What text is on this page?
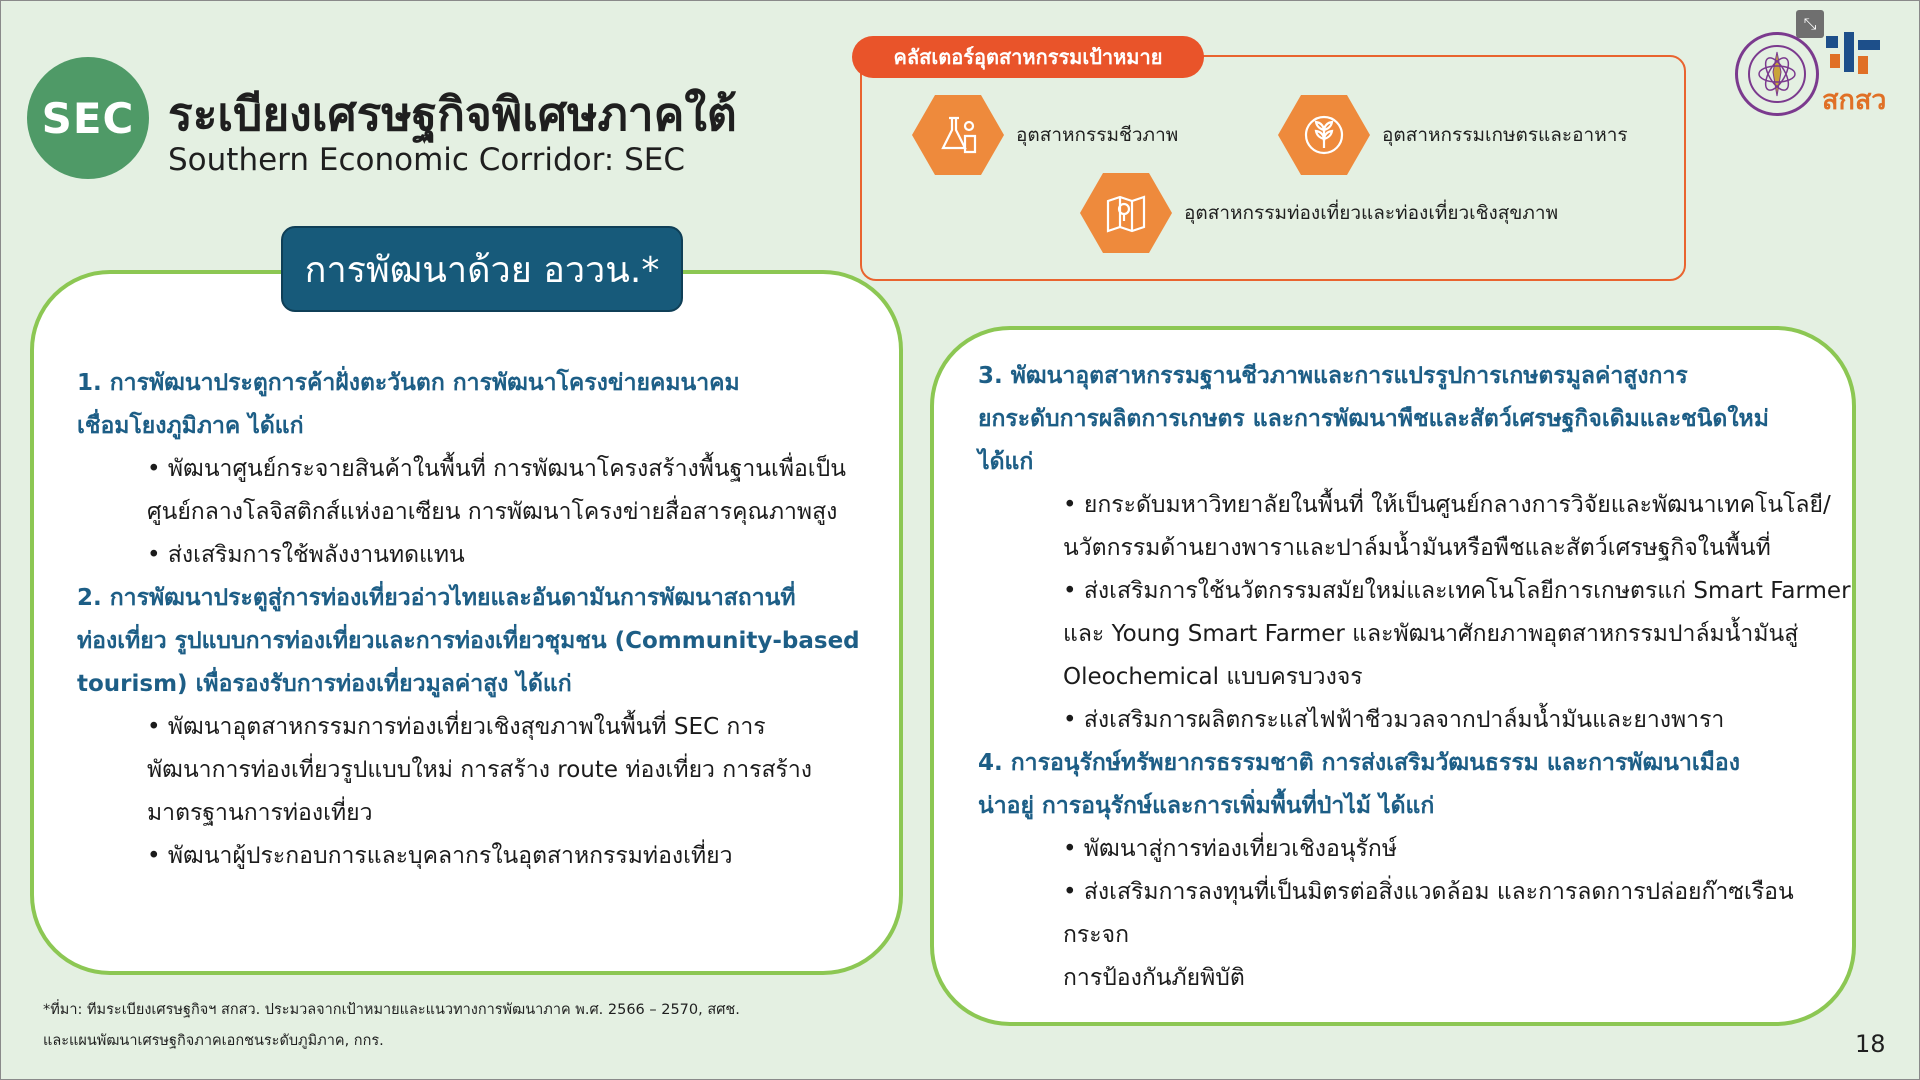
SEC ระเบียงเศรษฐกิจพิเศษภาคใต้
Southern Economic Corridor: SEC
⤡
สกสว
คลัสเตอร์อุตสาหกรรมเป้าหมาย
อุตสาหกรรมชีวภาพ	อุตสาหกรรมเกษตรและอาหาร
อุตสาหกรรมท่องเที่ยวและท่องเที่ยวเชิงสุขภาพ
การพัฒนาด้วย อววน.*
1. การพัฒนาประตูการค้าฝั่งตะวันตก การพัฒนาโครงข่ายคมนาคม
เชื่อมโยงภูมิภาค ได้แก่
• พัฒนาศูนย์กระจายสินค้าในพื้นที่ การพัฒนาโครงสร้างพื้นฐานเพื่อเป็น
ศูนย์กลางโลจิสติกส์แห่งอาเซียน การพัฒนาโครงข่ายสื่อสารคุณภาพสูง
• ส่งเสริมการใช้พลังงานทดแทน
2. การพัฒนาประตูสู่การท่องเที่ยวอ่าวไทยและอันดามันการพัฒนาสถานที่
ท่องเที่ยว รูปแบบการท่องเที่ยวและการท่องเที่ยวชุมชน (Community-based
tourism) เพื่อรองรับการท่องเที่ยวมูลค่าสูง ได้แก่
• พัฒนาอุตสาหกรรมการท่องเที่ยวเชิงสุขภาพในพื้นที่ SEC การ
พัฒนาการท่องเที่ยวรูปแบบใหม่ การสร้าง route ท่องเที่ยว การสร้าง
มาตรฐานการท่องเที่ยว
• พัฒนาผู้ประกอบการและบุคลากรในอุตสาหกรรมท่องเที่ยว
3. พัฒนาอุตสาหกรรมฐานชีวภาพและการแปรรูปการเกษตรมูลค่าสูงการ
ยกระดับการผลิตการเกษตร และการพัฒนาพืชและสัตว์เศรษฐกิจเดิมและชนิดใหม่
ได้แก่
• ยกระดับมหาวิทยาลัยในพื้นที่ ให้เป็นศูนย์กลางการวิจัยและพัฒนาเทคโนโลยี/
นวัตกรรมด้านยางพาราและปาล์มน้ำมันหรือพืชและสัตว์เศรษฐกิจในพื้นที่
• ส่งเสริมการใช้นวัตกรรมสมัยใหม่และเทคโนโลยีการเกษตรแก่ Smart Farmer
และ Young Smart Farmer และพัฒนาศักยภาพอุตสาหกรรมปาล์มน้ำมันสู่
Oleochemical แบบครบวงจร
• ส่งเสริมการผลิตกระแสไฟฟ้าชีวมวลจากปาล์มน้ำมันและยางพารา
4. การอนุรักษ์ทรัพยากรธรรมชาติ การส่งเสริมวัฒนธรรม และการพัฒนาเมือง
น่าอยู่ การอนุรักษ์และการเพิ่มพื้นที่ป่าไม้ ได้แก่
• พัฒนาสู่การท่องเที่ยวเชิงอนุรักษ์
• ส่งเสริมการลงทุนที่เป็นมิตรต่อสิ่งแวดล้อม และการลดการปล่อยก๊าซเรือน
กระจก
การป้องกันภัยพิบัติ
*ที่มา: ทีมระเบียงเศรษฐกิจฯ สกสว. ประมวลจากเป้าหมายและแนวทางการพัฒนาภาค พ.ศ. 2566 – 2570, สศช.
และแผนพัฒนาเศรษฐกิจภาคเอกชนระดับภูมิภาค, กกร.	18
